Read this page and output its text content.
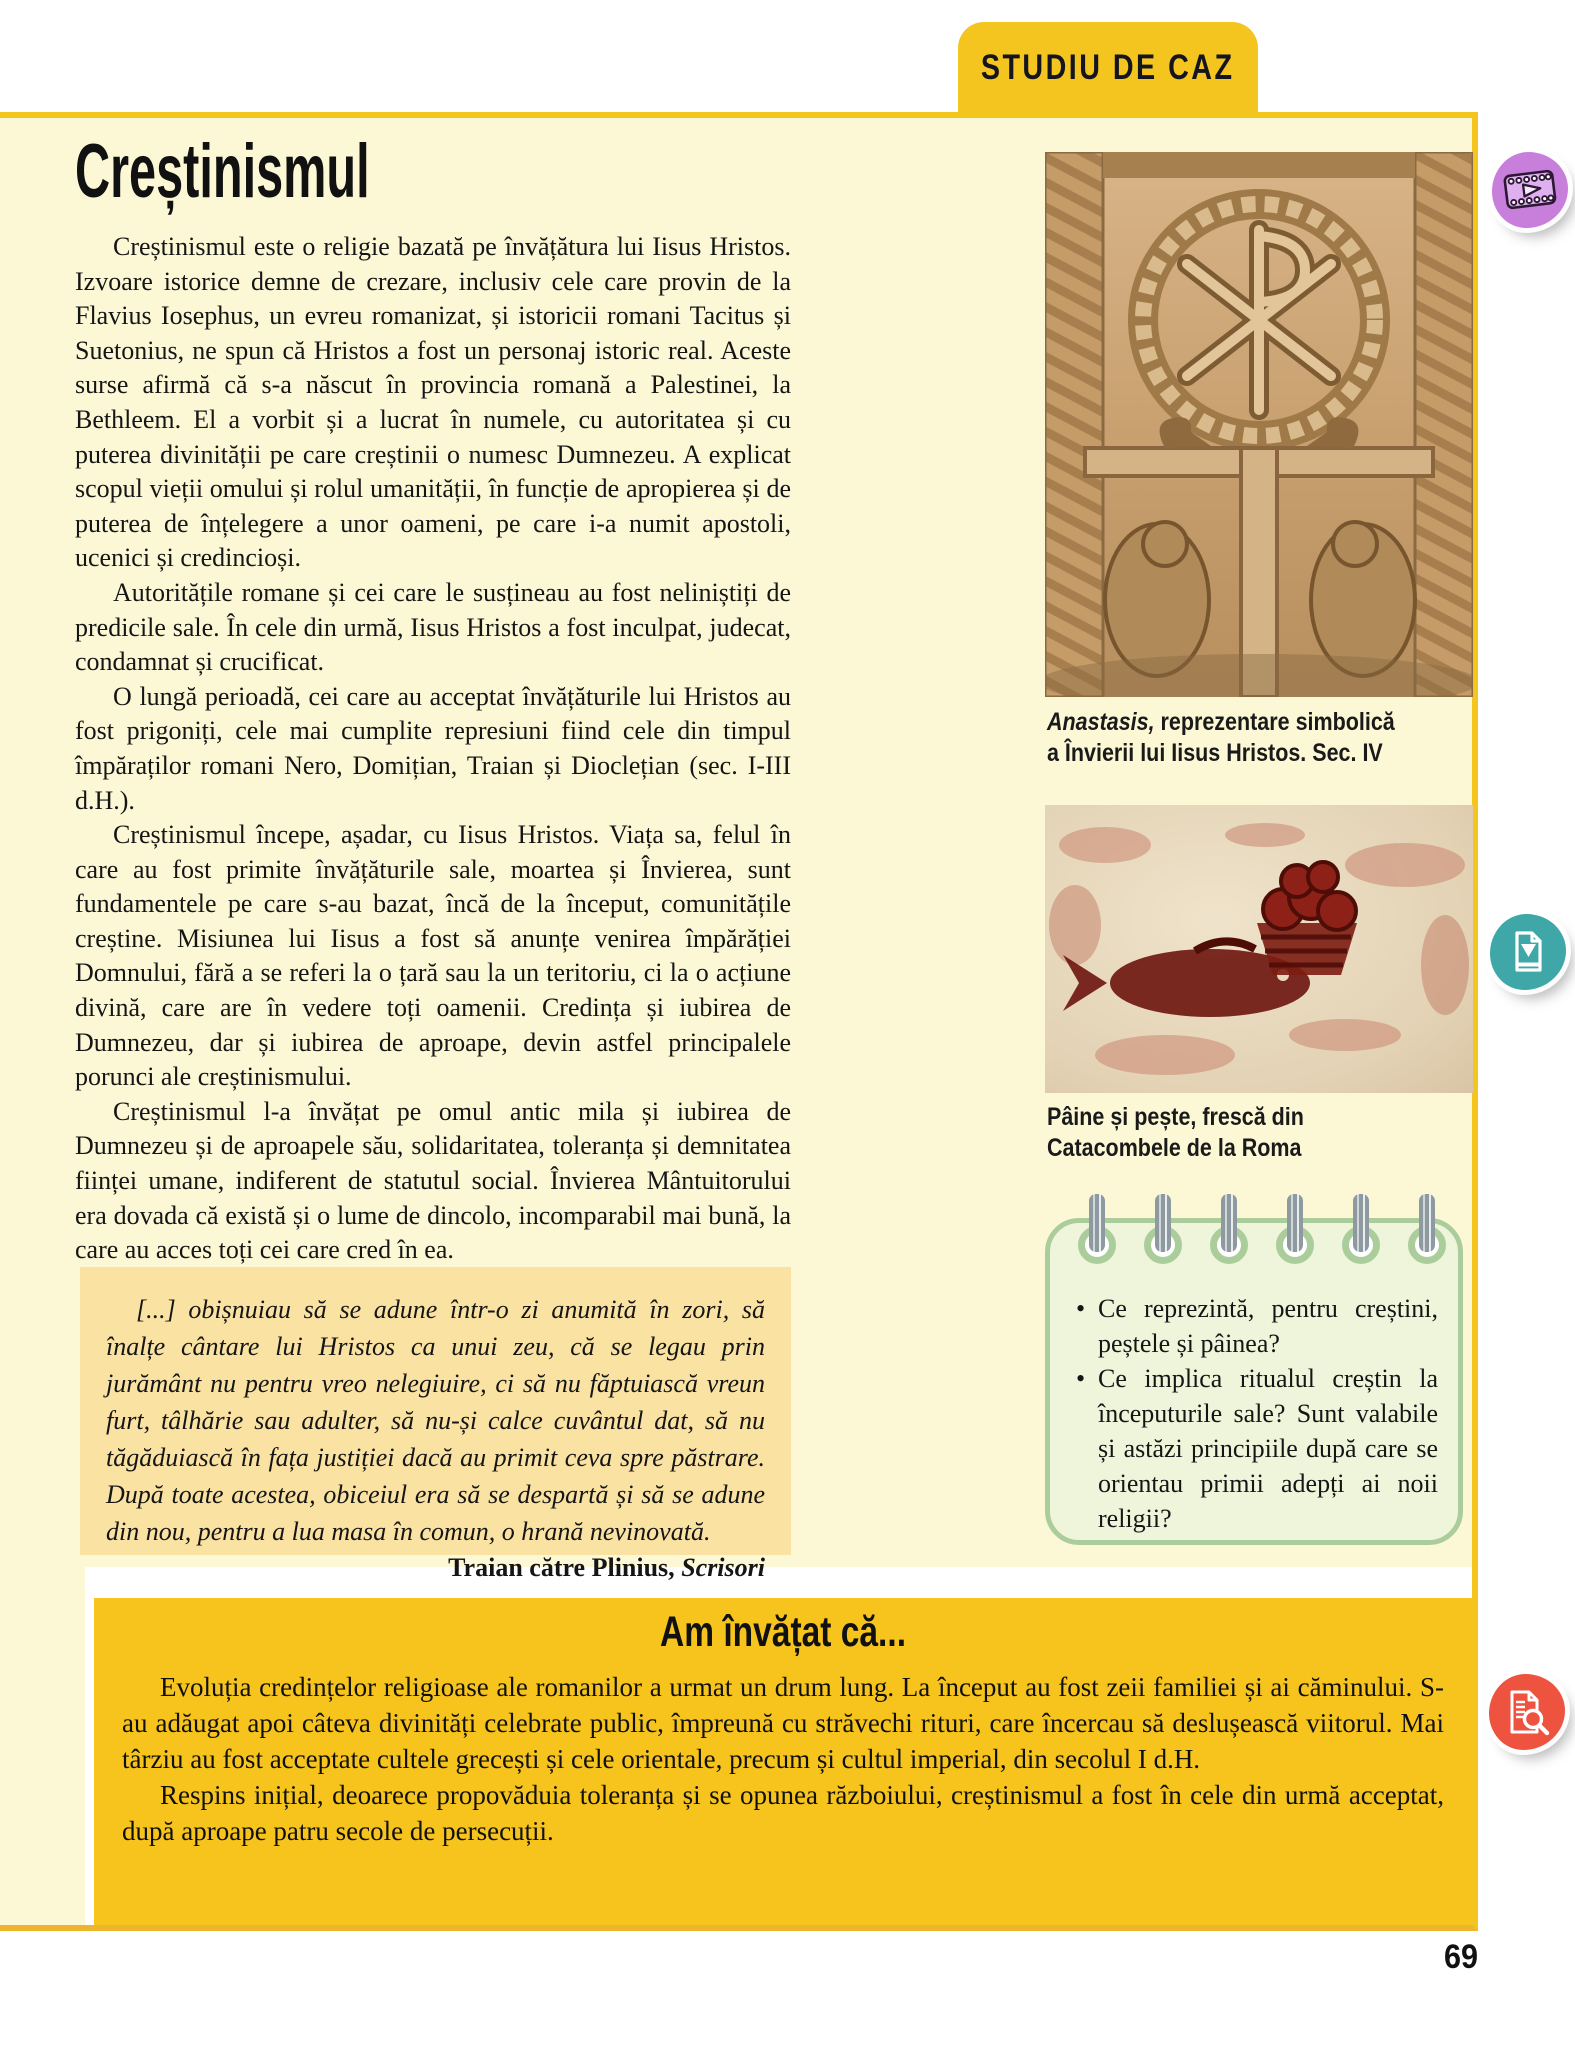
STUDIU DE CAZ
Creștinismul

Creștinismul este o religie bazată pe învățătura lui Iisus Hristos. Izvoare istorice demne de crezare, inclusiv cele care provin de la Flavius Iosephus, un evreu romanizat, și istoricii romani Tacitus și Suetonius, ne spun că Hristos a fost un personaj istoric real. Aceste surse afirmă că s-a născut în provincia romană a Palestinei, la Bethleem. El a vorbit și a lucrat în numele, cu autoritatea și cu puterea divinității pe care creștinii o numesc Dumnezeu. A explicat scopul vieții omului și rolul umanității, în funcție de apropierea și de puterea de înțelegere a unor oameni, pe care i-a numit apostoli, ucenici și credincioși.

Autoritățile romane și cei care le susțineau au fost neliniștiți de predicile sale. În cele din urmă, Iisus Hristos a fost inculpat, judecat, condamnat și crucificat.

O lungă perioadă, cei care au acceptat învățăturile lui Hristos au fost prigoniți, cele mai cumplite represiuni fiind cele din timpul împăraților romani Nero, Domițian, Traian și Dioclețian (sec. I-III d.H.).

Creștinismul începe, așadar, cu Iisus Hristos. Viața sa, felul în care au fost primite învățăturile sale, moartea și Învierea, sunt fundamentele pe care s-au bazat, încă de la început, comunitățile creștine. Misiunea lui Iisus a fost să anunțe venirea împărăției Domnului, fără a se referi la o țară sau la un teritoriu, ci la o acțiune divină, care are în vedere toți oamenii. Credința și iubirea de Dumnezeu, dar și iubirea de aproape, devin astfel principalele porunci ale creștinismului.

Creștinismul l-a învățat pe omul antic mila și iubirea de Dumnezeu și de aproapele său, solidaritatea, toleranța și demnitatea ființei umane, indiferent de statutul social. Învierea Mântuitorului era dovada că există și o lume de dincolo, incomparabil mai bună, la care au acces toți cei care cred în ea.

[...] obișnuiau să se adune într-o zi anumită în zori, să înalțe cântare lui Hristos ca unui zeu, că se legau prin jurământ nu pentru vreo nelegiuire, ci să nu făptuiască vreun furt, tâlhărie sau adulter, să nu-și calce cuvântul dat, să nu tăgăduiască în fața justiției dacă au primit ceva spre păstrare. După toate acestea, obiceiul era să se despartă și să se adune din nou, pentru a lua masa în comun, o hrană nevinovată.

Traian către Plinius, Scrisori
Anastasis, reprezentare simbolică
a Învierii lui Iisus Hristos. Sec. IV
Pâine și pește, frescă din
Catacombele de la Roma
• Ce reprezintă, pentru creștini, peștele și pâinea?
• Ce implica ritualul creștin la începuturile sale? Sunt valabile și astăzi principiile după care se orientau primii adepți ai noii religii?
Am învățat că...

Evoluția credințelor religioase ale romanilor a urmat un drum lung. La început au fost zeii familiei și ai căminului. S-au adăugat apoi câteva divinități celebrate public, împreună cu străvechi rituri, care încercau să deslușească viitorul. Mai târziu au fost acceptate cultele grecești și cele orientale, precum și cultul imperial, din secolul I d.H.

Respins inițial, deoarece propovăduia toleranța și se opunea războiului, creștinismul a fost în cele din urmă acceptat, după aproape patru secole de persecuții.

69
